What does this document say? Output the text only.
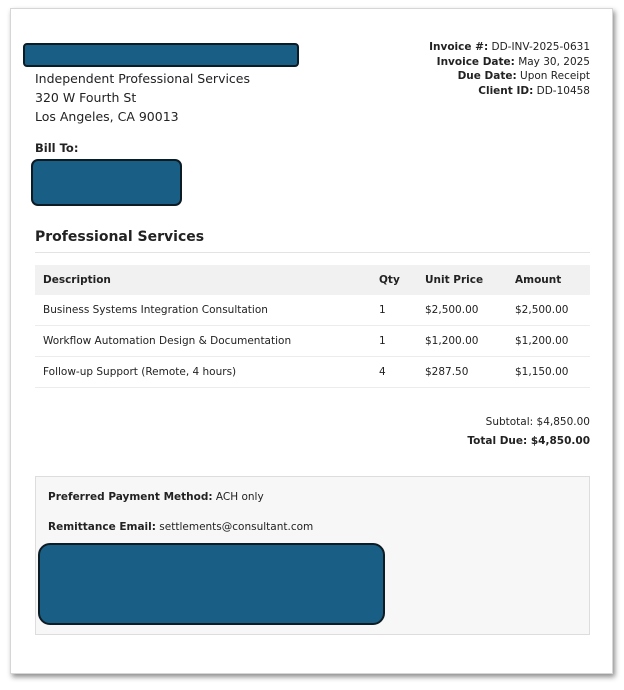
Independent Professional Services
320 W Fourth St
Los Angeles, CA 90013
Invoice #: DD-INV-2025-0631
Invoice Date: May 30, 2025
Due Date: Upon Receipt
Client ID: DD-10458
Bill To:
Professional Services
Description	Qty	Unit Price	Amount
Business Systems Integration Consultation	1	$2,500.00	$2,500.00
Workflow Automation Design & Documentation	1	$1,200.00	$1,200.00
Follow-up Support (Remote, 4 hours)	4	$287.50	$1,150.00
Subtotal: $4,850.00
Total Due: $4,850.00
Preferred Payment Method: ACH only
Remittance Email: settlements@consultant.com
